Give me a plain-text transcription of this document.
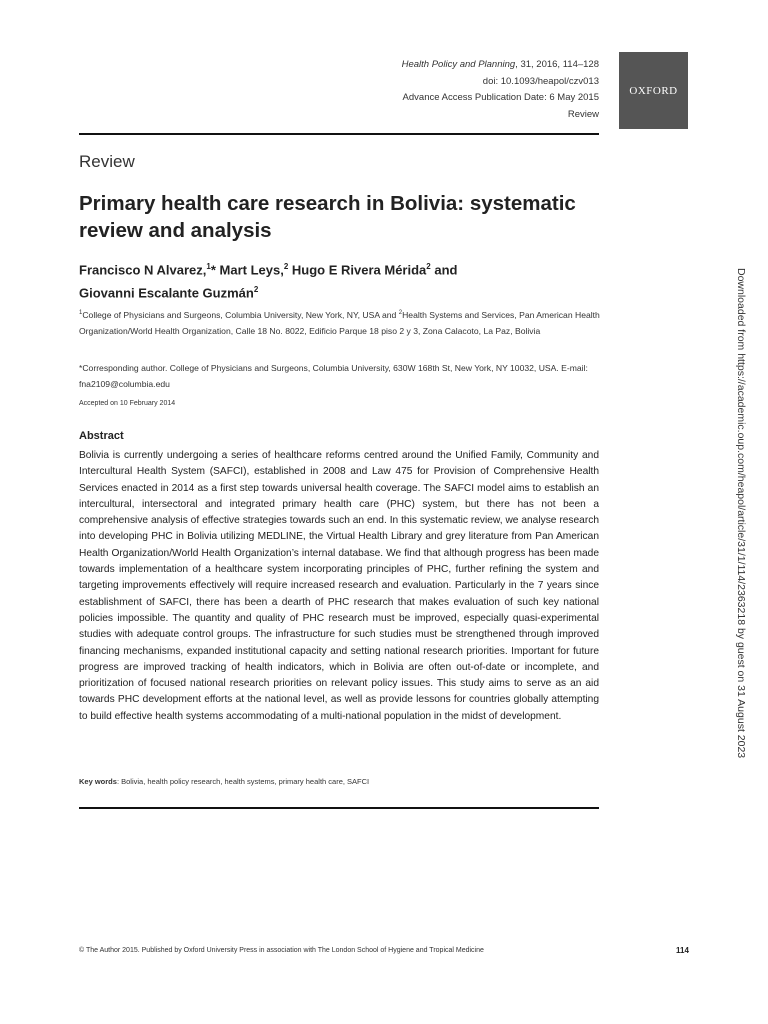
Health Policy and Planning, 31, 2016, 114–128
doi: 10.1093/heapol/czv013
Advance Access Publication Date: 6 May 2015
Review
OXFORD
Review
Primary health care research in Bolivia: systematic review and analysis
Francisco N Alvarez,$^1$* Mart Leys,$^2$ Hugo E Rivera Mérida$^2$ and
Giovanni Escalante Guzmán$^2$
$^1$College of Physicians and Surgeons, Columbia University, New York, NY, USA and $^2$Health Systems and Services, Pan American Health Organization/World Health Organization, Calle 18 No. 8022, Edificio Parque 18 piso 2 y 3, Zona Calacoto, La Paz, Bolivia
*Corresponding author. College of Physicians and Surgeons, Columbia University, 630W 168th St, New York, NY 10032, USA. E-mail: fna2109@columbia.edu
Accepted on 10 February 2014
Abstract
Bolivia is currently undergoing a series of healthcare reforms centred around the Unified Family, Community and Intercultural Health System (SAFCI), established in 2008 and Law 475 for Provision of Comprehensive Health Services enacted in 2014 as a first step towards universal health coverage. The SAFCI model aims to establish an intercultural, intersectoral and integrated primary health care (PHC) system, but there has not been a comprehensive analysis of effective strategies towards such an end. In this systematic review, we analyse research into developing PHC in Bolivia utilizing MEDLINE, the Virtual Health Library and grey literature from Pan American Health Organization/World Health Organization’s internal database. We find that although progress has been made towards implementation of a healthcare system incorporating principles of PHC, further refining the system and targeting improvements effectively will require increased research and evaluation. Particularly in the 7 years since establishment of SAFCI, there has been a dearth of PHC research that makes evaluation of such key national policies impossible. The quantity and quality of PHC research must be improved, especially quasi-experimental studies with adequate control groups. The infrastructure for such studies must be strengthened through improved financing mechanisms, expanded institutional capacity and setting national research priorities. Important for future progress are improved tracking of health indicators, which in Bolivia are often out-of-date or incomplete, and prioritization of focused national research priorities on relevant policy issues. This study aims to serve as an aid towards PHC development efforts at the national level, as well as provide lessons for countries globally attempting to build effective health systems accommodating of a multi-national population in the midst of development.
Key words: Bolivia, health policy research, health systems, primary health care, SAFCI
© The Author 2015. Published by Oxford University Press in association with The London School of Hygiene and Tropical Medicine	114
Downloaded from https://academic.oup.com/heapol/article/31/1/114/2363218 by guest on 31 August 2023
